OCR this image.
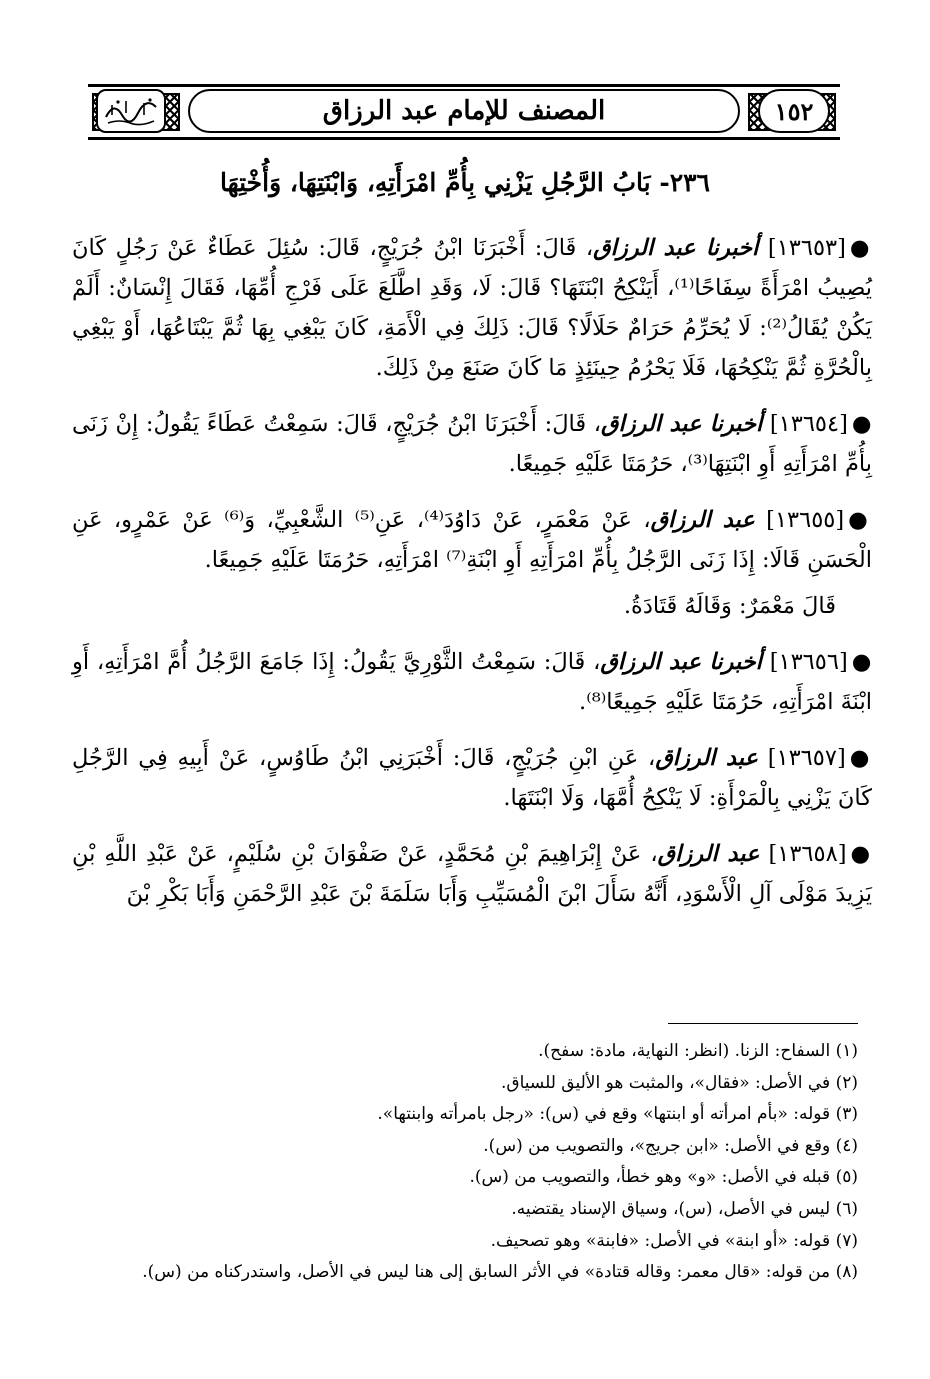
١٥٢
المصنف للإمام عبد الرزاق
٢٣٦- بَابُ الرَّجُلِ يَزْنِي بِأُمِّ امْرَأَتِهِ، وَابْنَتِهَا، وَأُخْتِهَا

●[١٣٦٥٣] أخبرنا عبد الرزاق، قَالَ: أَخْبَرَنَا ابْنُ جُرَيْجٍ، قَالَ: سُئِلَ عَطَاءٌ عَنْ رَجُلٍ كَانَ يُصِيبُ امْرَأَةً سِفَاحًا⁽¹⁾، أَيَنْكِحُ ابْنَتَهَا؟ قَالَ: لَا، وَقَدِ اطَّلَعَ عَلَى فَرْجِ أُمِّهَا، فَقَالَ إِنْسَانٌ: أَلَمْ يَكُنْ يُقَالُ⁽²⁾: لَا يُحَرِّمُ حَرَامٌ حَلَالًا؟ قَالَ: ذَلِكَ فِي الْأَمَةِ، كَانَ يَبْغِي بِهَا ثُمَّ يَبْتَاعُهَا، أَوْ يَبْغِي بِالْحُرَّةِ ثُمَّ يَنْكِحُهَا، فَلَا يَحْرُمُ حِينَئِذٍ مَا كَانَ صَنَعَ مِنْ ذَلِكَ.

●[١٣٦٥٤] أخبرنا عبد الرزاق، قَالَ: أَخْبَرَنَا ابْنُ جُرَيْجٍ، قَالَ: سَمِعْتُ عَطَاءً يَقُولُ: إِنْ زَنَى بِأُمِّ امْرَأَتِهِ أَوِ ابْنَتِهَا⁽³⁾، حَرُمَتَا عَلَيْهِ جَمِيعًا.

●[١٣٦٥٥] عبد الرزاق، عَنْ مَعْمَرٍ، عَنْ دَاوُدَ⁽⁴⁾، عَنِ⁽⁵⁾ الشَّعْبِيِّ، وَ⁽⁶⁾ عَنْ عَمْرٍو، عَنِ الْحَسَنِ قَالَا: إِذَا زَنَى الرَّجُلُ بِأُمِّ امْرَأَتِهِ أَوِ ابْنَةِ⁽⁷⁾ امْرَأَتِهِ، حَرُمَتَا عَلَيْهِ جَمِيعًا.

قَالَ مَعْمَرٌ: وَقَالَهُ قَتَادَةُ.

●[١٣٦٥٦] أخبرنا عبد الرزاق، قَالَ: سَمِعْتُ الثَّوْرِيَّ يَقُولُ: إِذَا جَامَعَ الرَّجُلُ أُمَّ امْرَأَتِهِ، أَوِ ابْنَةَ امْرَأَتِهِ، حَرُمَتَا عَلَيْهِ جَمِيعًا⁽⁸⁾.

●[١٣٦٥٧] عبد الرزاق، عَنِ ابْنِ جُرَيْجٍ، قَالَ: أَخْبَرَنِي ابْنُ طَاوُسٍ، عَنْ أَبِيهِ فِي الرَّجُلِ كَانَ يَزْنِي بِالْمَرْأَةِ: لَا يَنْكِحُ أُمَّهَا، وَلَا ابْنَتَهَا.

●[١٣٦٥٨] عبد الرزاق، عَنْ إِبْرَاهِيمَ بْنِ مُحَمَّدٍ، عَنْ صَفْوَانَ بْنِ سُلَيْمٍ، عَنْ عَبْدِ اللَّهِ بْنِ يَزِيدَ مَوْلَى آلِ الْأَسْوَدِ، أَنَّهُ سَأَلَ ابْنَ الْمُسَيِّبِ وَأَبَا سَلَمَةَ بْنَ عَبْدِ الرَّحْمَنِ وَأَبَا بَكْرِ بْنَ

(١) السفاح: الزنا. (انظر: النهاية، مادة: سفح).
(٢) في الأصل: «فقال»، والمثبت هو الأليق للسياق.
(٣) قوله: «بأم امرأته أو ابنتها» وقع في (س): «رجل بامرأته وابنتها».
(٤) وقع في الأصل: «ابن جريج»، والتصويب من (س).
(٥) قبله في الأصل: «و» وهو خطأ، والتصويب من (س).
(٦) ليس في الأصل، (س)، وسياق الإسناد يقتضيه.
(٧) قوله: «أو ابنة» في الأصل: «فابنة» وهو تصحيف.
(٨) من قوله: «قال معمر: وقاله قتادة» في الأثر السابق إلى هنا ليس في الأصل، واستدركناه من (س).
